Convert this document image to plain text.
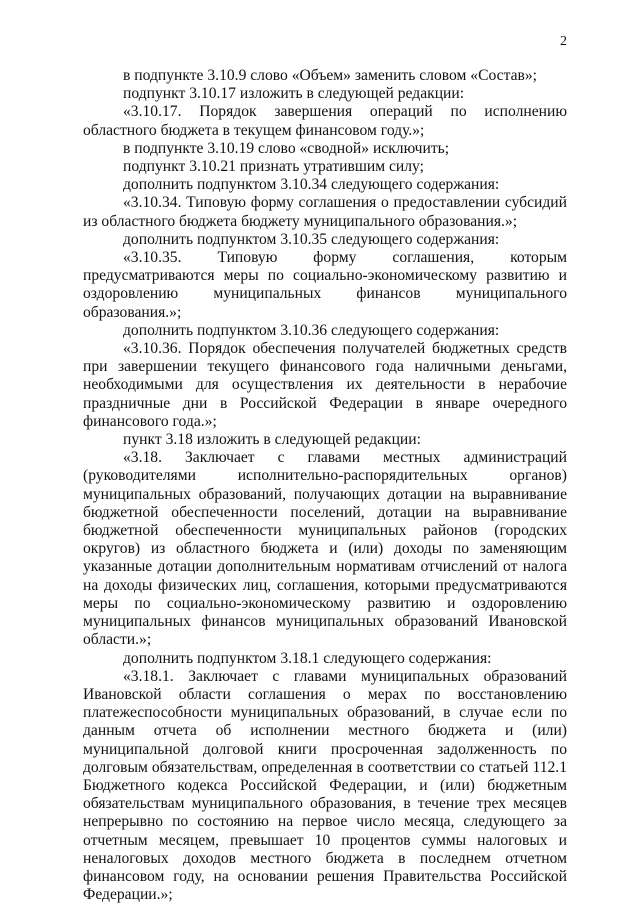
2

в подпункте 3.10.9 слово «Объем» заменить словом «Состав»;

подпункт 3.10.17 изложить в следующей редакции:

«3.10.17. Порядок завершения операций по исполнению областного бюджета в текущем финансовом году.»;

в подпункте 3.10.19 слово «сводной» исключить;

подпункт 3.10.21 признать утратившим силу;

дополнить подпунктом 3.10.34 следующего содержания:

«3.10.34. Типовую форму соглашения о предоставлении субсидий из областного бюджета бюджету муниципального образования.»;

дополнить подпунктом 3.10.35 следующего содержания:

«3.10.35. Типовую форму соглашения, которым предусматриваются меры по социально-экономическому развитию и оздоровлению муниципальных финансов муниципального образования.»;

дополнить подпунктом 3.10.36 следующего содержания:

«3.10.36. Порядок обеспечения получателей бюджетных средств при завершении текущего финансового года наличными деньгами, необходимыми для осуществления их деятельности в нерабочие праздничные дни в Российской Федерации в январе очередного финансового года.»;

пункт 3.18 изложить в следующей редакции:

«3.18. Заключает с главами местных администраций (руководителями исполнительно-распорядительных органов) муниципальных образований, получающих дотации на выравнивание бюджетной обеспеченности поселений, дотации на выравнивание бюджетной обеспеченности муниципальных районов (городских округов) из областного бюджета и (или) доходы по заменяющим указанные дотации дополнительным нормативам отчислений от налога на доходы физических лиц, соглашения, которыми предусматриваются меры по социально-экономическому развитию и оздоровлению муниципальных финансов муниципальных образований Ивановской области.»;

дополнить подпунктом 3.18.1 следующего содержания:

«3.18.1. Заключает с главами муниципальных образований Ивановской области соглашения о мерах по восстановлению платежеспособности муниципальных образований, в случае если по данным отчета об исполнении местного бюджета и (или) муниципальной долговой книги просроченная задолженность по долговым обязательствам, определенная в соответствии со статьей 112.1 Бюджетного кодекса Российской Федерации, и (или) бюджетным обязательствам муниципального образования, в течение трех месяцев непрерывно по состоянию на первое число месяца, следующего за отчетным месяцем, превышает 10 процентов суммы налоговых и неналоговых доходов местного бюджета в последнем отчетном финансовом году, на основании решения Правительства Российской Федерации.»;
